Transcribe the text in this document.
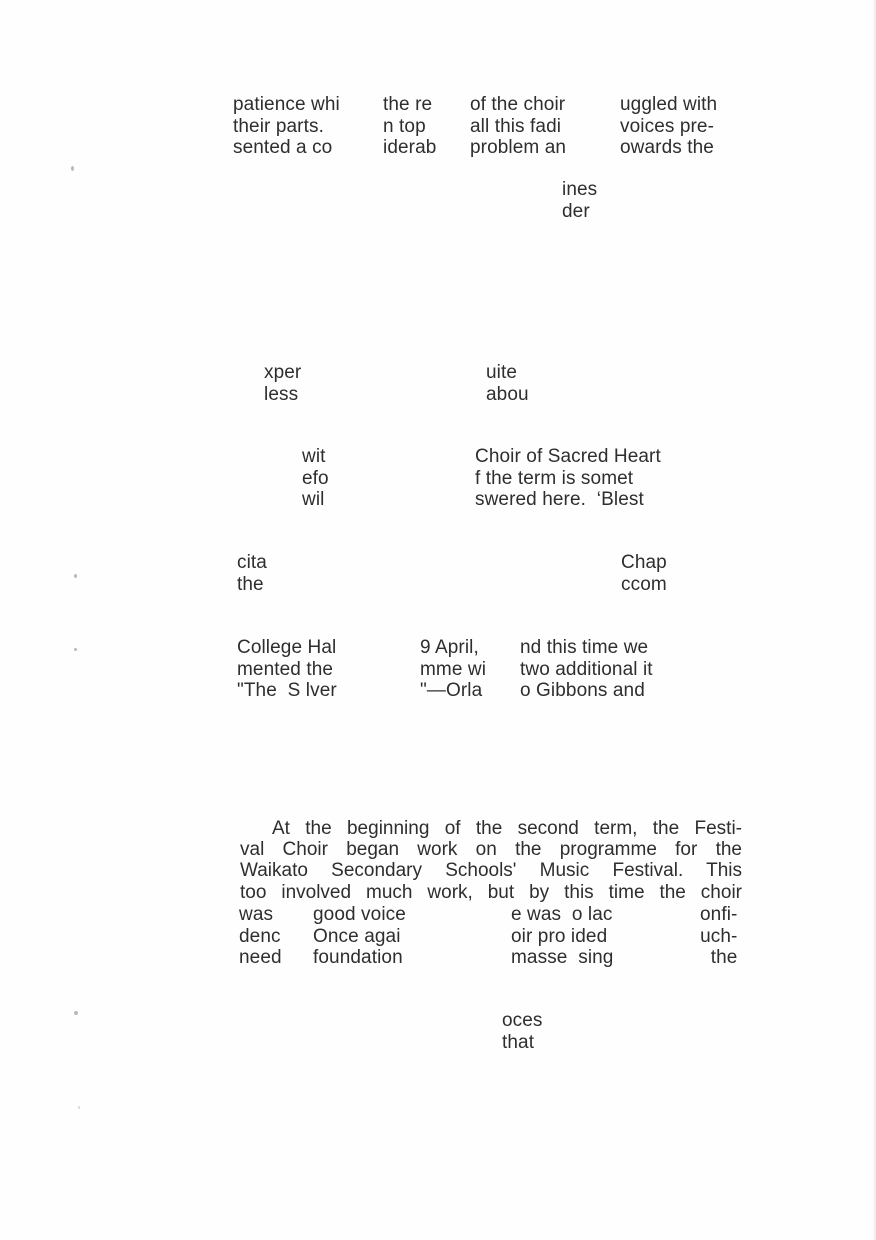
patience whi
their parts.
sented a co
the re
n top
iderab
of the choir
all this fadi
problem an
uggled with
voices pre-
owards the
ines
der
xper
less
uite
abou
wit
efo
wil
Choir of Sacred Heart
f the term is somet
swered here.  ‘Blest
cita
the
Chap
ccom
College Hal
mented the
"The  S lver
9 April,
mme wi
"—Orla
nd this time we
two additional it
o Gibbons and
At the beginning of the second term, the Festi-
val Choir began work on the programme for the
Waikato Secondary Schools' Music Festival. This
too involved much work, but by this time the choir
was
denc
need
good voice
Once agai
foundation
e was  o lac
oir pro ided
masse  sing
onfi-
uch-
the
oces
that
